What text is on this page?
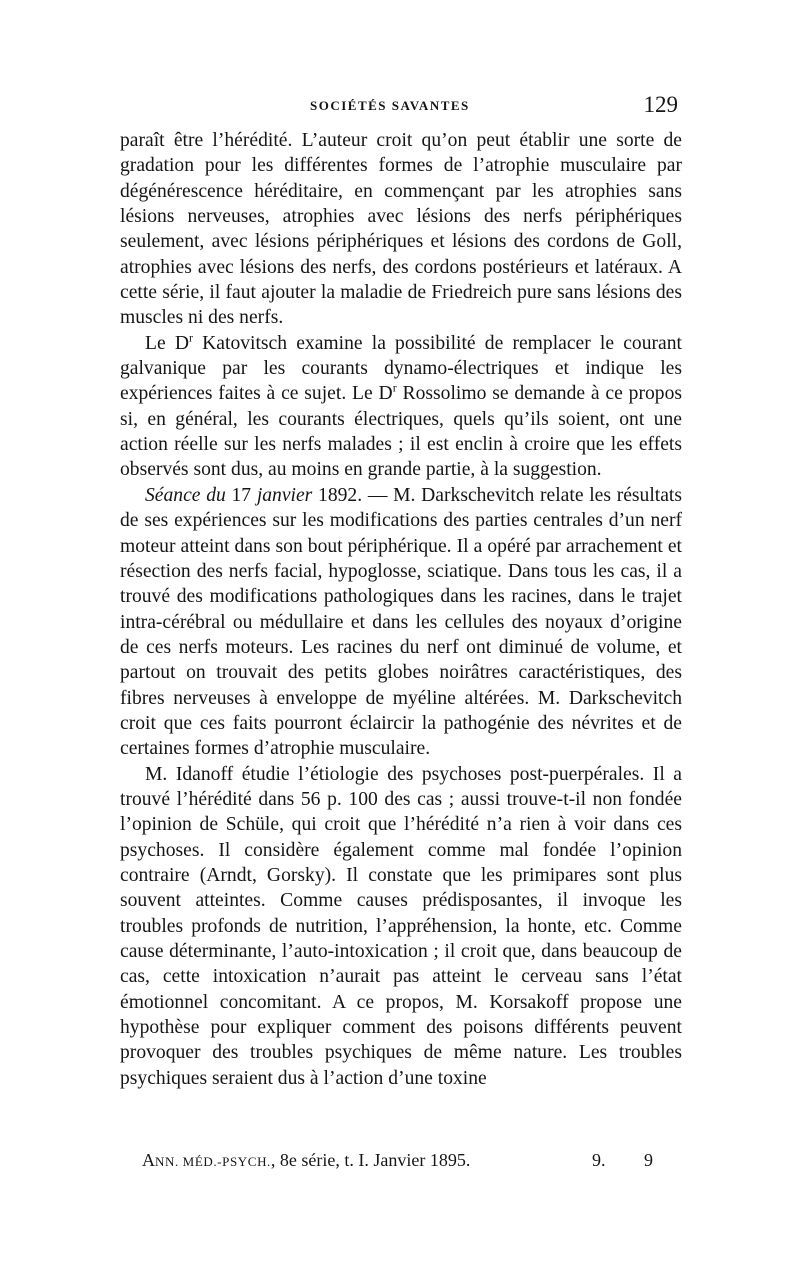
SOCIÉTÉS SAVANTES	129

paraît être l’hérédité. L’auteur croit qu’on peut établir une sorte de gradation pour les différentes formes de l’atrophie musculaire par dégénérescence héréditaire, en commençant par les atrophies sans lésions nerveuses, atrophies avec lésions des nerfs périphériques seulement, avec lésions périphériques et lésions des cordons de Goll, atrophies avec lésions des nerfs, des cordons postérieurs et latéraux. A cette série, il faut ajouter la maladie de Friedreich pure sans lésions des muscles ni des nerfs.

Le $D^r$ Katovitsch examine la possibilité de remplacer le courant galvanique par les courants dynamo-électriques et indique les expériences faites à ce sujet. Le $D^r$ Rossolimo se demande à ce propos si, en général, les courants électriques, quels qu’ils soient, ont une action réelle sur les nerfs malades ; il est enclin à croire que les effets observés sont dus, au moins en grande partie, à la suggestion.

Séance du 17 janvier 1892. — M. Darkschevitch relate les résultats de ses expériences sur les modifications des parties centrales d’un nerf moteur atteint dans son bout périphérique. Il a opéré par arrachement et résection des nerfs facial, hypoglosse, sciatique. Dans tous les cas, il a trouvé des modifications pathologiques dans les racines, dans le trajet intra-cérébral ou médullaire et dans les cellules des noyaux d’origine de ces nerfs moteurs. Les racines du nerf ont diminué de volume, et partout on trouvait des petits globes noirâtres caractéristiques, des fibres nerveuses à enveloppe de myéline altérées. M. Darkschevitch croit que ces faits pourront éclaircir la pathogénie des névrites et de certaines formes d’atrophie musculaire.

M. Idanoff étudie l’étiologie des psychoses post-puerpérales. Il a trouvé l’hérédité dans 56 p. 100 des cas ; aussi trouve-t-il non fondée l’opinion de Schüle, qui croit que l’hérédité n’a rien à voir dans ces psychoses. Il considère également comme mal fondée l’opinion contraire (Arndt, Gorsky). Il constate que les primipares sont plus souvent atteintes. Comme causes prédisposantes, il invoque les troubles profonds de nutrition, l’appréhension, la honte, etc. Comme cause déterminante, l’auto-intoxication ; il croit que, dans beaucoup de cas, cette intoxication n’aurait pas atteint le cerveau sans l’état émotionnel concomitant. A ce propos, M. Korsakoff propose une hypothèse pour expliquer comment des poisons différents peuvent provoquer des troubles psychiques de même nature. Les troubles psychiques seraient dus à l’action d’une toxine

ANN. MÉD.-PSYCH., 8e série, t. I. Janvier 1895.	9. 9
